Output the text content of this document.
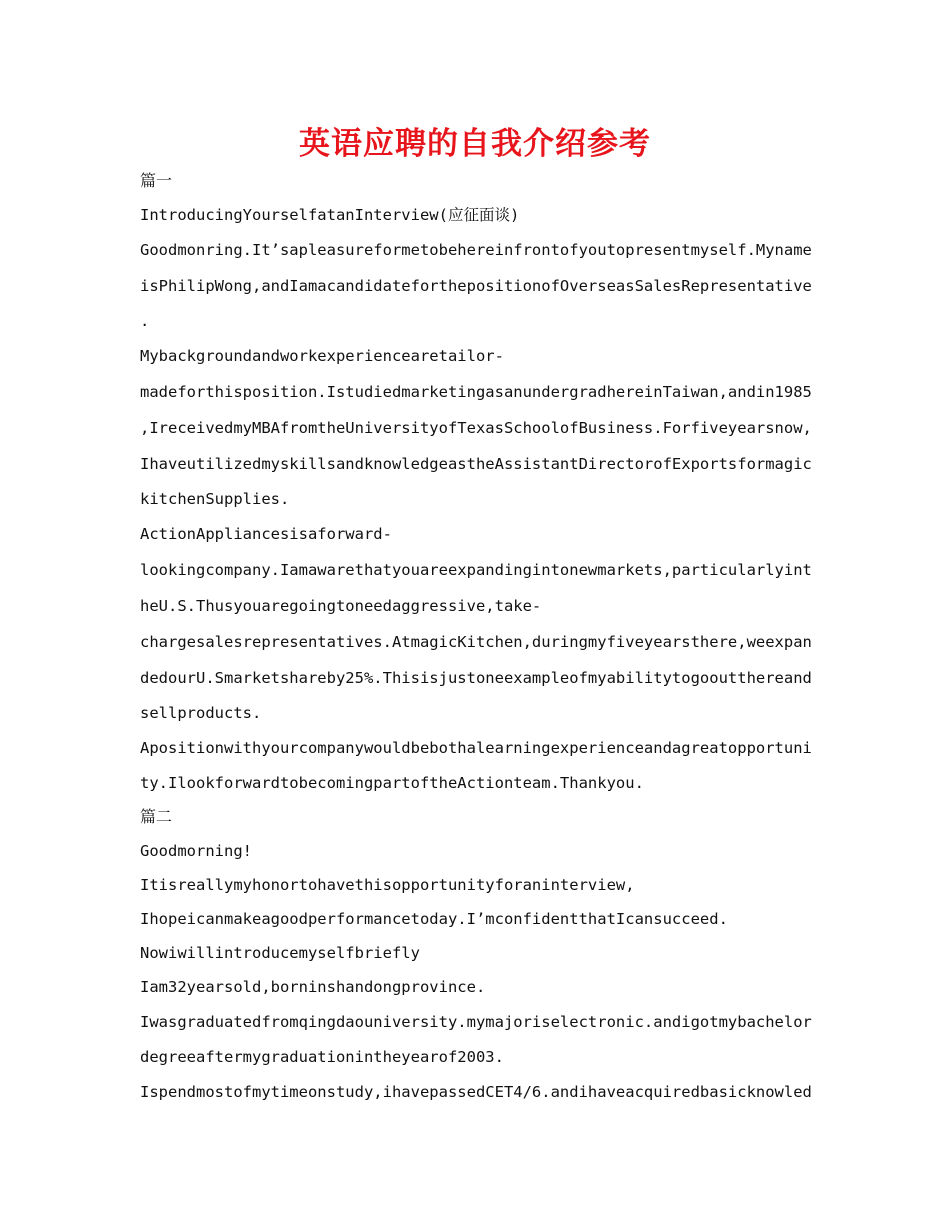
英语应聘的自我介绍参考
篇一
IntroducingYourselfatanInterview(应征面谈)
Goodmonring.It’sapleasureformetobehereinfrontofyoutopresentmyself.Myname
isPhilipWong,andIamacandidateforthepositionofOverseasSalesRepresentative
.
Mybackgroundandworkexperiencearetailor-
madeforthisposition.IstudiedmarketingasanundergradhereinTaiwan,andin1985
,IreceivedmyMBAfromtheUniversityofTexasSchoolofBusiness.Forfiveyearsnow,
IhaveutilizedmyskillsandknowledgeastheAssistantDirectorofExportsformagic
kitchenSupplies.
ActionAppliancesisaforward-
lookingcompany.Iamawarethatyouareexpandingintonewmarkets,particularlyint
heU.S.Thusyouaregoingtoneedaggressive,take-
chargesalesrepresentatives.AtmagicKitchen,duringmyfiveyearsthere,weexpan
dedourU.Smarketshareby25%.Thisisjustoneexampleofmyabilitytogooutthereand
sellproducts.
Apositionwithyourcompanywouldbebothalearningexperienceandagreatopportuni
ty.IlookforwardtobecomingpartoftheActionteam.Thankyou.
篇二
Goodmorning!
Itisreallymyhonortohavethisopportunityforaninterview,
Ihopeicanmakeagoodperformancetoday.I’mconfidentthatIcansucceed.
Nowiwillintroducemyselfbriefly
Iam32yearsold,borninshandongprovince.
Iwasgraduatedfromqingdaouniversity.mymajoriselectronic.andigotmybachelor
degreeaftermygraduationintheyearof2003.
Ispendmostofmytimeonstudy,ihavepassedCET4/6.andihaveacquiredbasicknowled
